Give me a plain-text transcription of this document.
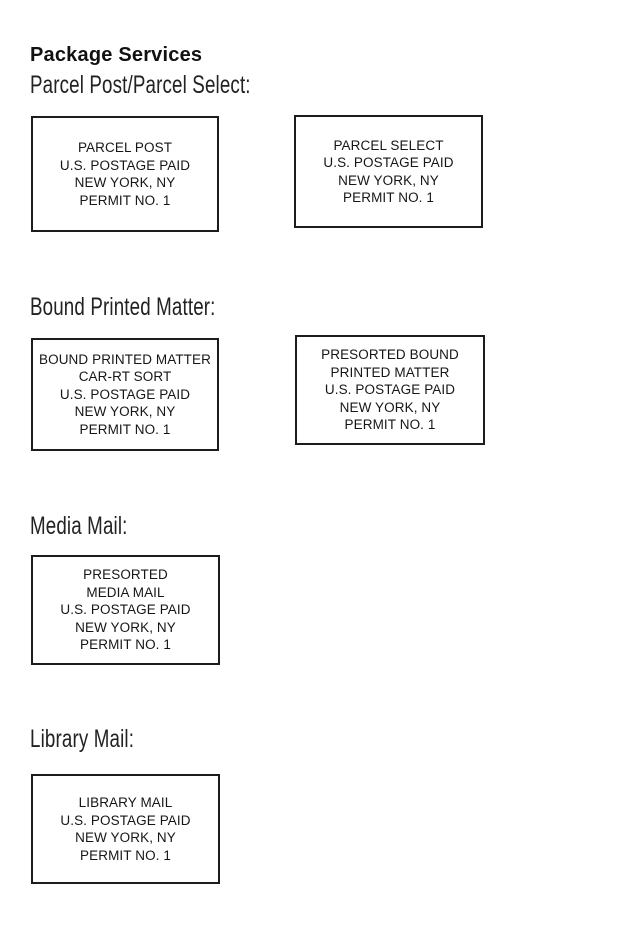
Package Services
Parcel Post/Parcel Select:
PARCEL POST
U.S. POSTAGE PAID
NEW YORK, NY
PERMIT NO. 1
PARCEL SELECT
U.S. POSTAGE PAID
NEW YORK, NY
PERMIT NO. 1
Bound Printed Matter:
BOUND PRINTED MATTER
CAR-RT SORT
U.S. POSTAGE PAID
NEW YORK, NY
PERMIT NO. 1
PRESORTED BOUND
PRINTED MATTER
U.S. POSTAGE PAID
NEW YORK, NY
PERMIT NO. 1
Media Mail:
PRESORTED
MEDIA MAIL
U.S. POSTAGE PAID
NEW YORK, NY
PERMIT NO. 1
Library Mail:
LIBRARY MAIL
U.S. POSTAGE PAID
NEW YORK, NY
PERMIT NO. 1
